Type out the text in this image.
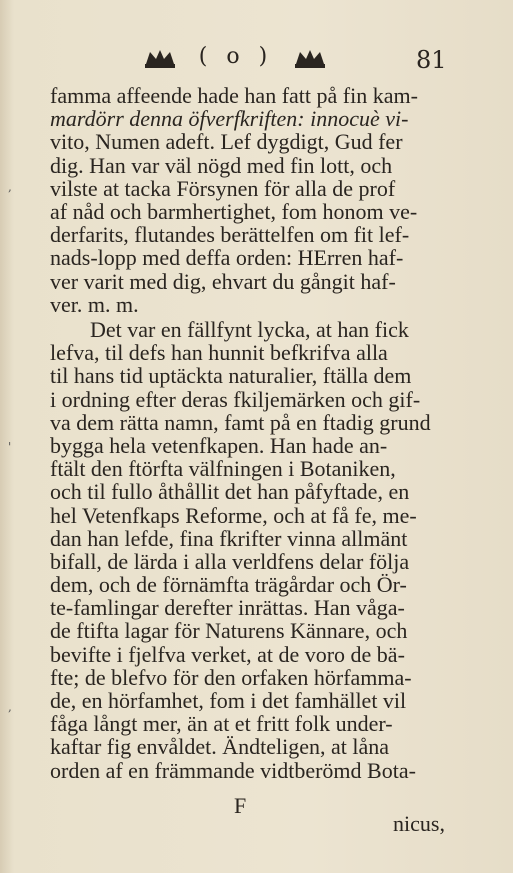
( o )	81
famma affeende hade han fatt på fin kam-
mardörr denna öfverfkriften: innocuè vi-
vito, Numen adeft. Lef dygdigt, Gud fer
dig. Han var väl nögd med fin lott, och
vilste at tacka Försynen för alla de prof
af nåd och barmhertighet, fom honom ve-
derfarits, flutandes berättelfen om fit lef-
nads-lopp med deffa orden: HErren haf-
ver varit med dig, ehvart du gångit haf-
ver. m. m.
Det var en fällfynt lycka, at han fick
lefva, til defs han hunnit befkrifva alla
til hans tid uptäckta naturalier, ftälla dem
i ordning efter deras fkiljemärken och gif-
va dem rätta namn, famt på en ftadig grund
bygga hela vetenfkapen. Han hade an-
ftält den ftörfta välfningen i Botaniken,
och til fullo åthållit det han påfyftade, en
hel Vetenfkaps Reforme, och at få fe, me-
dan han lefde, fina fkrifter vinna allmänt
bifall, de lärda i alla verldfens delar följa
dem, och de förnämfta trägårdar och Ör-
te-famlingar derefter inrättas. Han våga-
de ftifta lagar för Naturens Kännare, och
bevifte i fjelfva verket, at de voro de bä-
fte; de blefvo för den orfaken hörfamma-
de, en hörfamhet, fom i det famhället vil
fåga långt mer, än at et fritt folk under-
kaftar fig envåldet. Ändteligen, at låna
orden af en främmande vidtberömd Bota-
F
nicus,
,
'
,
